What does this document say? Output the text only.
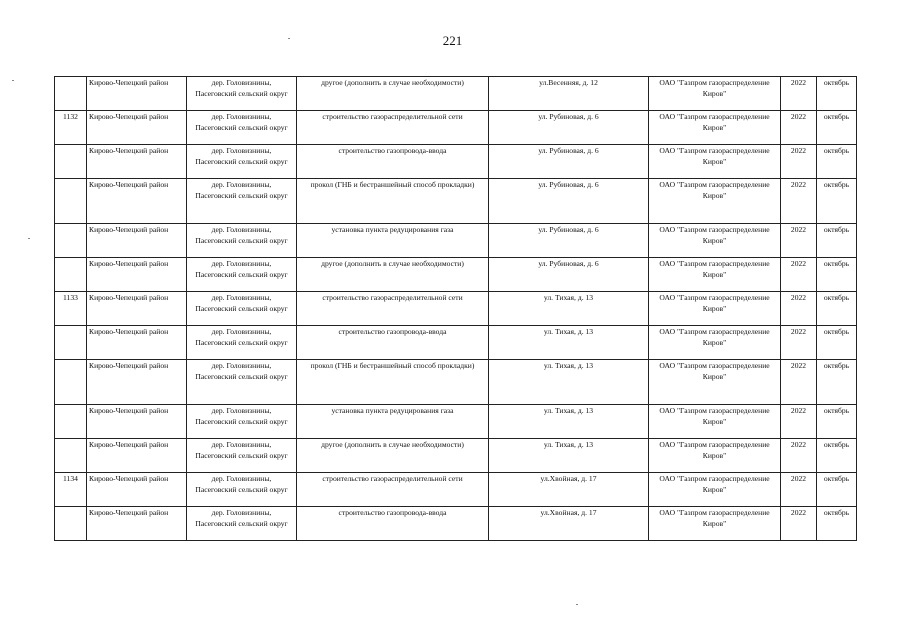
221
	Кирово-Чепецкий район	дер. Головизнины,
Пасеговский сельский округ	другое (дополнить в случае необходимости)	ул.Весенняя, д. 12	ОАО "Газпром газораспределение
Киров"	2022	октябрь
1132	Кирово-Чепецкий район	дер. Головизнины,
Пасеговский сельский округ	строительство газораспределительной сети	ул. Рубиновая, д. 6	ОАО "Газпром газораспределение
Киров"	2022	октябрь
	Кирово-Чепецкий район	дер. Головизнины,
Пасеговский сельский округ	строительство газопровода-ввода	ул. Рубиновая, д. 6	ОАО "Газпром газораспределение
Киров"	2022	октябрь
	Кирово-Чепецкий район	дер. Головизнины,
Пасеговский сельский округ	прокол (ГНБ и бестраншейный способ прокладки)	ул. Рубиновая, д. 6	ОАО "Газпром газораспределение
Киров"	2022	октябрь
	Кирово-Чепецкий район	дер. Головизнины,
Пасеговский сельский округ	установка пункта редуцирования газа	ул. Рубиновая, д. 6	ОАО "Газпром газораспределение
Киров"	2022	октябрь
	Кирово-Чепецкий район	дер. Головизнины,
Пасеговский сельский округ	другое (дополнить в случае необходимости)	ул. Рубиновая, д. 6	ОАО "Газпром газораспределение
Киров"	2022	октябрь
1133	Кирово-Чепецкий район	дер. Головизнины,
Пасеговский сельский округ	строительство газораспределительной сети	ул. Тихая, д. 13	ОАО "Газпром газораспределение
Киров"	2022	октябрь
	Кирово-Чепецкий район	дер. Головизнины,
Пасеговский сельский округ	строительство газопровода-ввода	ул. Тихая, д. 13	ОАО "Газпром газораспределение
Киров"	2022	октябрь
	Кирово-Чепецкий район	дер. Головизнины,
Пасеговский сельский округ	прокол (ГНБ и бестраншейный способ прокладки)	ул. Тихая, д. 13	ОАО "Газпром газораспределение
Киров"	2022	октябрь
	Кирово-Чепецкий район	дер. Головизнины,
Пасеговский сельский округ	установка пункта редуцирования газа	ул. Тихая, д. 13	ОАО "Газпром газораспределение
Киров"	2022	октябрь
	Кирово-Чепецкий район	дер. Головизнины,
Пасеговский сельский округ	другое (дополнить в случае необходимости)	ул. Тихая, д. 13	ОАО "Газпром газораспределение
Киров"	2022	октябрь
1134	Кирово-Чепецкий район	дер. Головизнины,
Пасеговский сельский округ	строительство газораспределительной сети	ул.Хвойная, д. 17	ОАО "Газпром газораспределение
Киров"	2022	октябрь
	Кирово-Чепецкий район	дер. Головизнины,
Пасеговский сельский округ	строительство газопровода-ввода	ул.Хвойная, д. 17	ОАО "Газпром газораспределение
Киров"	2022	октябрь
